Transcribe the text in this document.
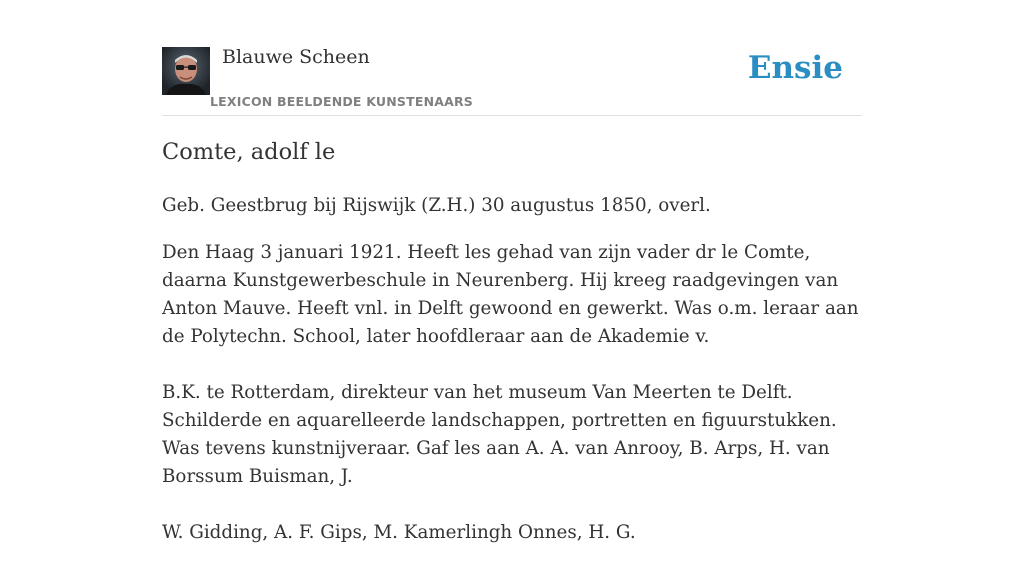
Blauwe Scheen
LEXICON BEELDENDE KUNSTENAARS
Ensie
Comte, adolf le

Geb. Geestbrug bij Rijswijk (Z.H.) 30 augustus 1850, overl.

Den Haag 3 januari 1921. Heeft les gehad van zijn vader dr le Comte, daarna Kunstgewerbeschule in Neurenberg. Hij kreeg raadgevingen van Anton Mauve. Heeft vnl. in Delft gewoond en gewerkt. Was o.m. leraar aan de Polytechn. School, later hoofdleraar aan de Akademie v.

B.K. te Rotterdam, direkteur van het museum Van Meerten te Delft. Schilderde en aquarelleerde landschappen, portretten en figuurstukken. Was tevens kunstnijveraar. Gaf les aan A. A. van Anrooy, B. Arps, H. van Borssum Buisman, J.

W. Gidding, A. F. Gips, M. Kamerlingh Onnes, H. G.
